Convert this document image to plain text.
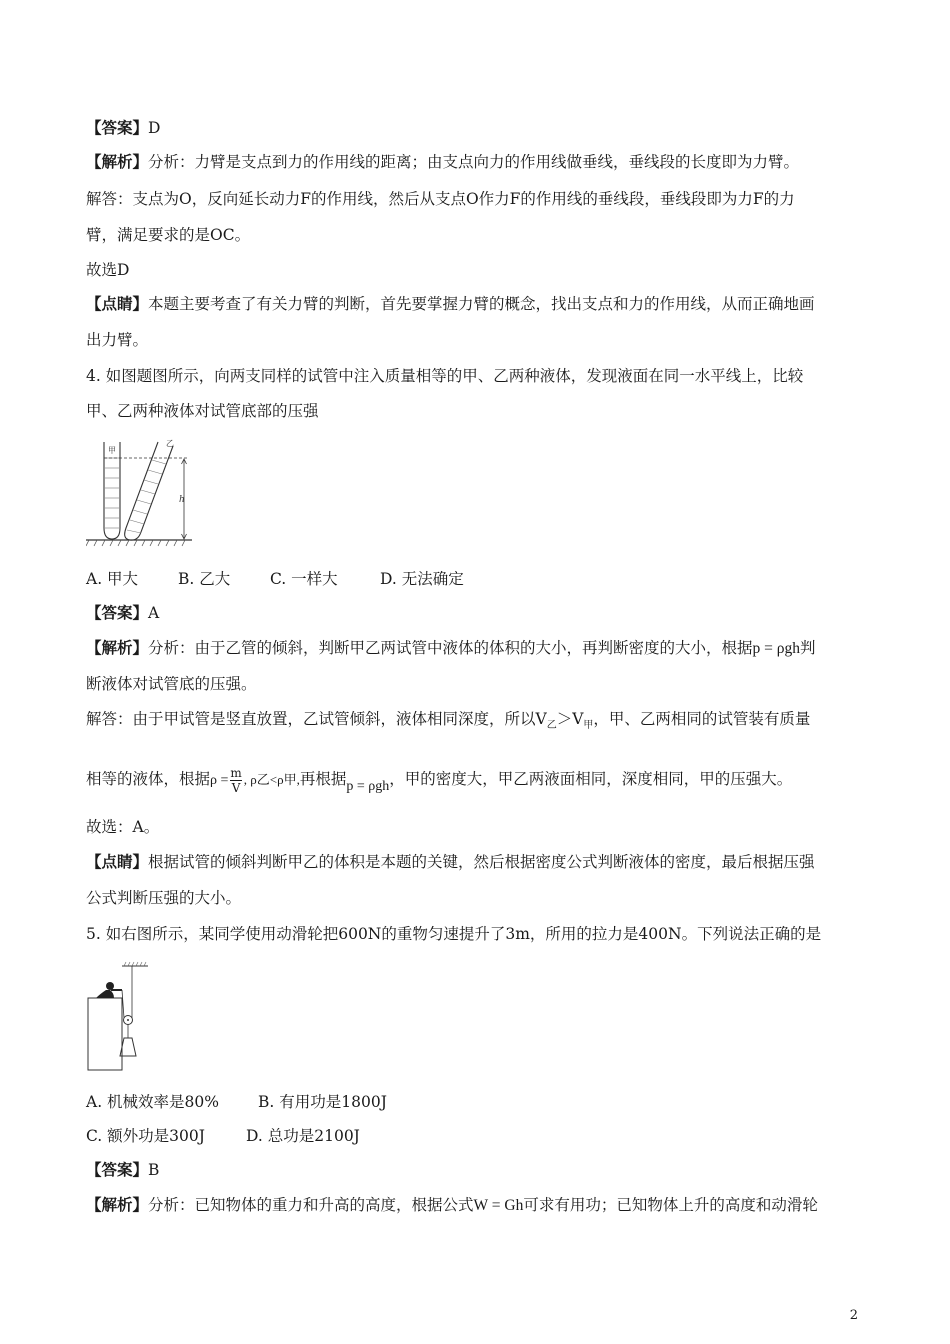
【答案】D
【解析】分析：力臂是支点到力的作用线的距离；由支点向力的作用线做垂线，垂线段的长度即为力臂。
解答：支点为O，反向延长动力F的作用线，然后从支点O作力F的作用线的垂线段，垂线段即为力F的力
臂，满足要求的是OC。
故选D
【点睛】本题主要考查了有关力臂的判断，首先要掌握力臂的概念，找出支点和力的作用线，从而正确地画
出力臂。
4. 如图题图所示，向两支同样的试管中注入质量相等的甲、乙两种液体，发现液面在同一水平线上，比较
甲、乙两种液体对试管底部的压强
甲
乙
h
A. 甲大	B. 乙大	C. 一样大	D. 无法确定
【答案】A
【解析】分析：由于乙管的倾斜，判断甲乙两试管中液体的体积的大小，再判断密度的大小，根据p = ρgh判
断液体对试管底的压强。
解答：由于甲试管是竖直放置，乙试管倾斜，液体相同深度，所以$V_乙>V_甲$，甲、乙两相同的试管装有质量
相等的液体，根据$\rho = \frac{m}{V}$ , ρ乙<ρ甲,再根据p = ρgh，甲的密度大，甲乙两液面相同，深度相同，甲的压强大。
故选：A。
【点睛】根据试管的倾斜判断甲乙的体积是本题的关键，然后根据密度公式判断液体的密度，最后根据压强
公式判断压强的大小。
5. 如右图所示，某同学使用动滑轮把600N的重物匀速提升了3m，所用的拉力是400N。下列说法正确的是
A. 机械效率是80%	B. 有用功是1800J
C. 额外功是300J	D. 总功是2100J
【答案】B
【解析】分析：已知物体的重力和升高的高度，根据公式W = Gh可求有用功；已知物体上升的高度和动滑轮
2
